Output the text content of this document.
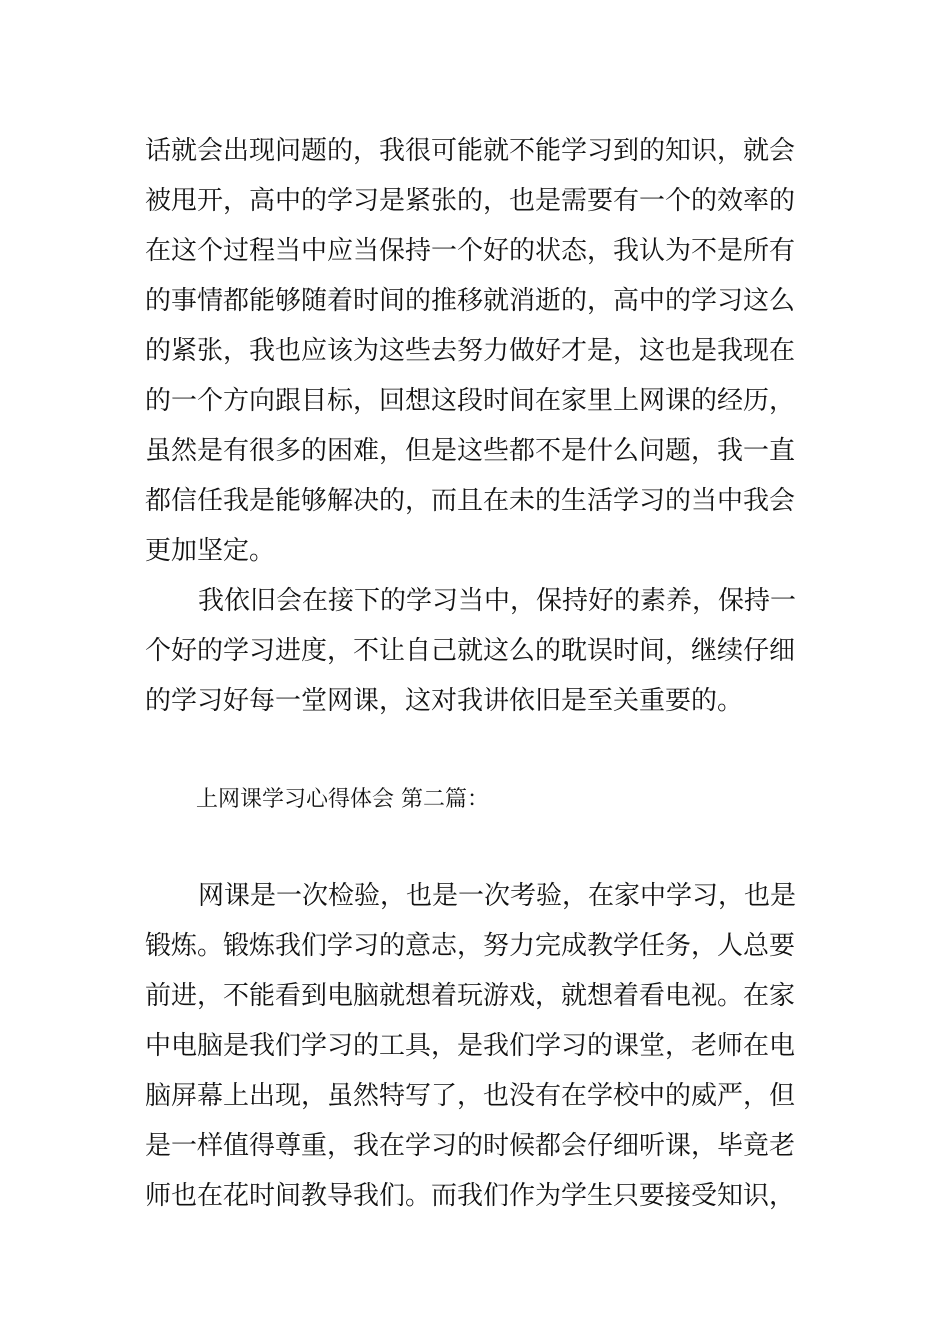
话就会出现问题的，我很可能就不能学习到的知识，就会
被甩开，高中的学习是紧张的，也是需要有一个的效率的
在这个过程当中应当保持一个好的状态，我认为不是所有
的事情都能够随着时间的推移就消逝的，高中的学习这么
的紧张，我也应该为这些去努力做好才是，这也是我现在
的一个方向跟目标，回想这段时间在家里上网课的经历，
虽然是有很多的困难，但是这些都不是什么问题，我一直
都信任我是能够解决的，而且在未的生活学习的当中我会
更加坚定。
我依旧会在接下的学习当中，保持好的素养，保持一
个好的学习进度，不让自己就这么的耽误时间，继续仔细
的学习好每一堂网课，这对我讲依旧是至关重要的。
上网课学习心得体会 第二篇：
网课是一次检验，也是一次考验，在家中学习，也是
锻炼。锻炼我们学习的意志，努力完成教学任务，人总要
前进，不能看到电脑就想着玩游戏，就想着看电视。在家
中电脑是我们学习的工具，是我们学习的课堂，老师在电
脑屏幕上出现，虽然特写了，也没有在学校中的威严，但
是一样值得尊重，我在学习的时候都会仔细听课，毕竟老
师也在花时间教导我们。而我们作为学生只要接受知识，
